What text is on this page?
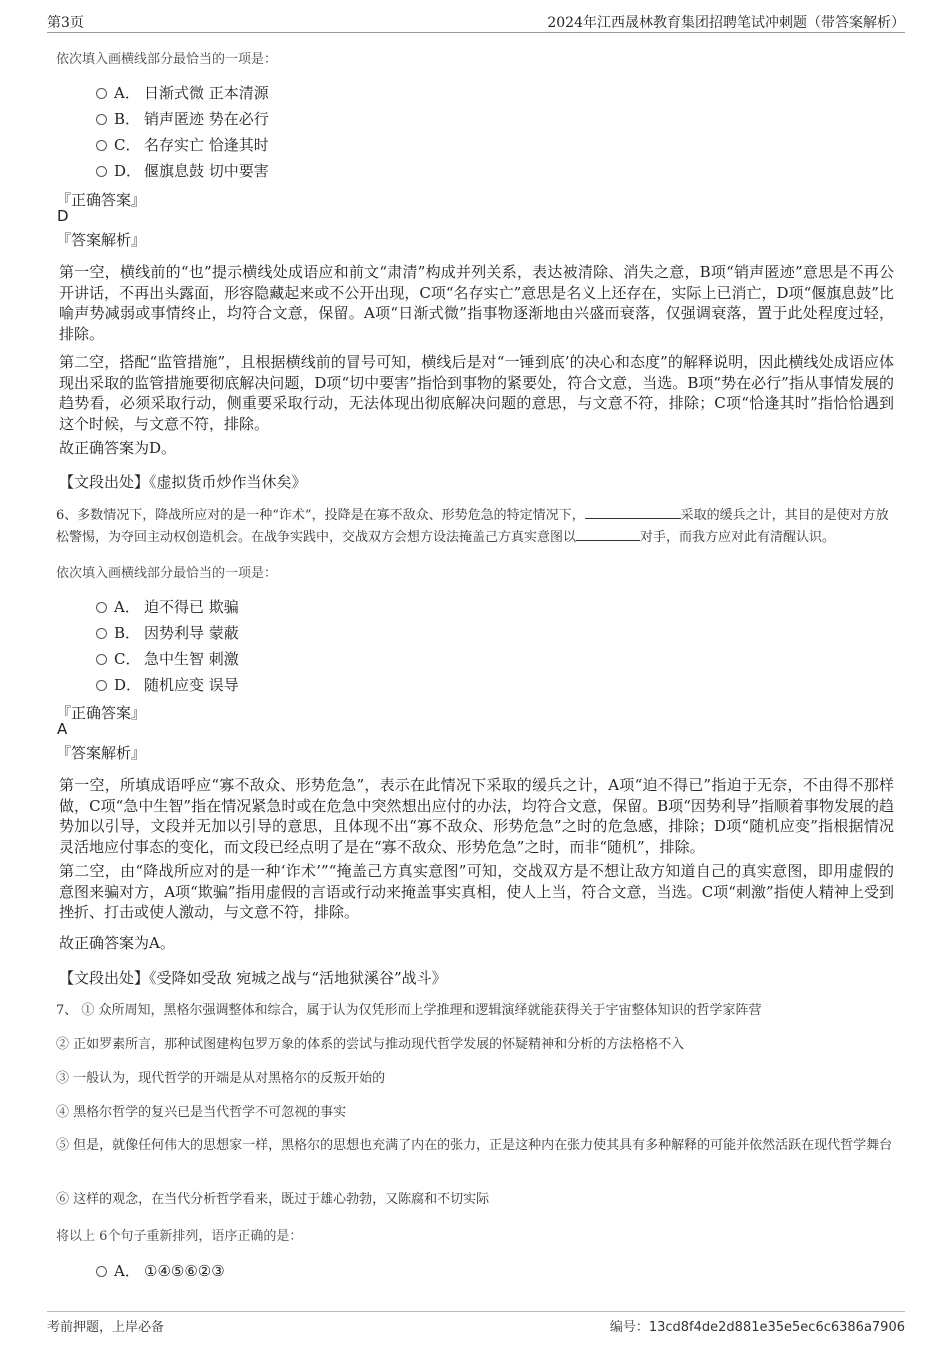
第3页	2024年江西晟林教育集团招聘笔试冲刺题（带答案解析）
依次填入画横线部分最恰当的一项是：
A． 日渐式微 正本清源
B． 销声匿迹 势在必行
C． 名存实亡 恰逢其时
D． 偃旗息鼓 切中要害
『正确答案』
D
『答案解析』
第一空，横线前的“也”提示横线处成语应和前文“肃清”构成并列关系，表达被清除、消失之意，B项“销声匿迹”意思是不再公开讲话，不再出头露面，形容隐藏起来或不公开出现，C项“名存实亡”意思是名义上还存在，实际上已消亡，D项“偃旗息鼓”比喻声势减弱或事情终止，均符合文意，保留。A项“日渐式微”指事物逐渐地由兴盛而衰落，仅强调衰落，置于此处程度过轻，排除。
第二空，搭配“监管措施”，且根据横线前的冒号可知，横线后是对“一锤到底’的决心和态度”的解释说明，因此横线处成语应体现出采取的监管措施要彻底解决问题，D项“切中要害”指恰到事物的紧要处，符合文意，当选。B项“势在必行”指从事情发展的趋势看，必须采取行动，侧重要采取行动，无法体现出彻底解决问题的意思，与文意不符，排除；C项“恰逢其时”指恰恰遇到这个时候，与文意不符，排除。
故正确答案为D。
【文段出处】《虚拟货币炒作当休矣》
6、多数情况下，降战所应对的是一种“诈术”，投降是在寡不敌众、形势危急的特定情况下，	采取的缓兵之计，其目的是使对方放松警惕，为夺回主动权创造机会。在战争实践中，交战双方会想方设法掩盖己方真实意图以	对手，而我方应对此有清醒认识。
依次填入画横线部分最恰当的一项是：
A． 迫不得已 欺骗
B． 因势利导 蒙蔽
C． 急中生智 刺激
D． 随机应变 误导
『正确答案』
A
『答案解析』
第一空，所填成语呼应“寡不敌众、形势危急”，表示在此情况下采取的缓兵之计，A项“迫不得已”指迫于无奈，不由得不那样做，C项“急中生智”指在情况紧急时或在危急中突然想出应付的办法，均符合文意，保留。B项“因势利导”指顺着事物发展的趋势加以引导，文段并无加以引导的意思，且体现不出“寡不敌众、形势危急”之时的危急感，排除；D项“随机应变”指根据情况灵活地应付事态的变化，而文段已经点明了是在“寡不敌众、形势危急”之时，而非“随机”，排除。
第二空，由“降战所应对的是一种‘诈术’”“掩盖己方真实意图”可知，交战双方是不想让敌方知道自己的真实意图，即用虚假的意图来骗对方，A项“欺骗”指用虚假的言语或行动来掩盖事实真相，使人上当，符合文意，当选。C项“刺激”指使人精神上受到挫折、打击或使人激动，与文意不符，排除。
故正确答案为A。
【文段出处】《受降如受敌 宛城之战与“活地狱溪谷”战斗》
7、 ① 众所周知，黑格尔强调整体和综合，属于认为仅凭形而上学推理和逻辑演绎就能获得关于宇宙整体知识的哲学家阵营
② 正如罗素所言，那种试图建构包罗万象的体系的尝试与推动现代哲学发展的怀疑精神和分析的方法格格不入
③ 一般认为，现代哲学的开端是从对黑格尔的反叛开始的
④ 黑格尔哲学的复兴已是当代哲学不可忽视的事实
⑤ 但是，就像任何伟大的思想家一样，黑格尔的思想也充满了内在的张力，正是这种内在张力使其具有多种解释的可能并依然活跃在现代哲学舞台
⑥ 这样的观念，在当代分析哲学看来，既过于雄心勃勃，又陈腐和不切实际
将以上 6个句子重新排列，语序正确的是：
A． ①④⑤⑥②③
考前押题，上岸必备	编号：13cd8f4de2d881e35e5ec6c6386a7906
